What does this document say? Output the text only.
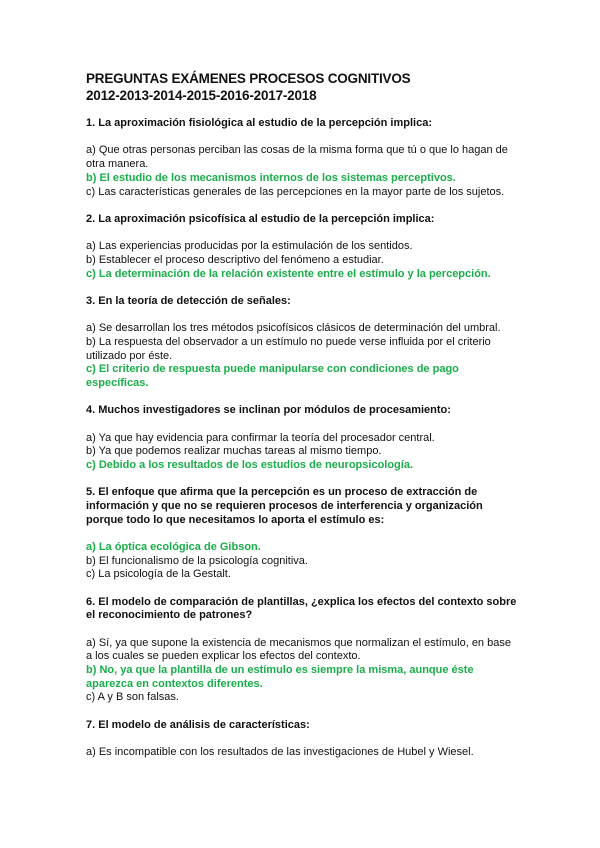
PREGUNTAS EXÁMENES PROCESOS COGNITIVOS
2012-2013-2014-2015-2016-2017-2018

1. La aproximación fisiológica al estudio de la percepción implica:

a) Que otras personas perciban las cosas de la misma forma que tú o que lo hagan de otra manera.

b) El estudio de los mecanismos internos de los sistemas perceptivos.

c) Las características generales de las percepciones en la mayor parte de los sujetos.

2. La aproximación psicofísica al estudio de la percepción implica:

a) Las experiencias producidas por la estimulación de los sentidos.

b) Establecer el proceso descriptivo del fenómeno a estudiar.

c) La determinación de la relación existente entre el estímulo y la percepción.

3. En la teoría de detección de señales:

a) Se desarrollan los tres métodos psicofísicos clásicos de determinación del umbral.

b) La respuesta del observador a un estímulo no puede verse influida por el criterio utilizado por éste.

c) El criterio de respuesta puede manipularse con condiciones de pago específicas.

4. Muchos investigadores se inclinan por módulos de procesamiento:

a) Ya que hay evidencia para confirmar la teoría del procesador central.

b) Ya que podemos realizar muchas tareas al mismo tiempo.

c) Debido a los resultados de los estudios de neuropsicología.

5. El enfoque que afirma que la percepción es un proceso de extracción de información y que no se requieren procesos de interferencia y organización porque todo lo que necesitamos lo aporta el estímulo es:

a) La óptica ecológica de Gibson.

b) El funcionalismo de la psicología cognitiva.

c) La psicología de la Gestalt.

6. El modelo de comparación de plantillas, ¿explica los efectos del contexto sobre el reconocimiento de patrones?

a) Sí, ya que supone la existencia de mecanismos que normalizan el estímulo, en base a los cuales se pueden explicar los efectos del contexto.

b) No, ya que la plantilla de un estímulo es siempre la misma, aunque éste aparezca en contextos diferentes.

c) A y B son falsas.

7. El modelo de análisis de características:

a) Es incompatible con los resultados de las investigaciones de Hubel y Wiesel.
